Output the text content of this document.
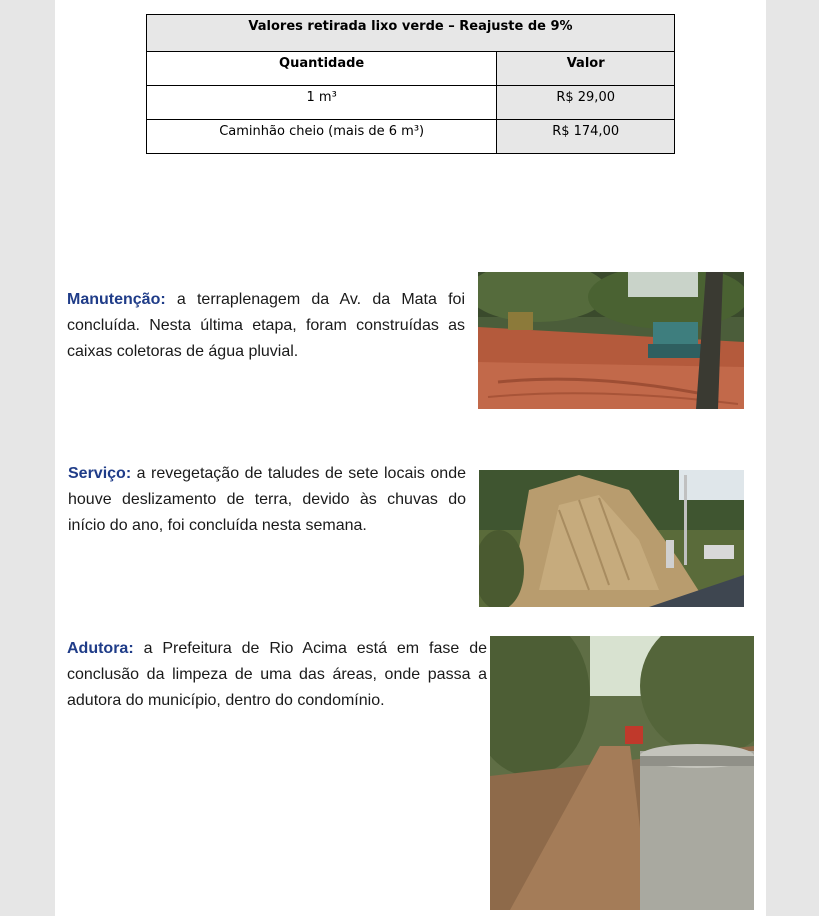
Valores retirada lixo verde – Reajuste de 9%	

Quantidade	Valor

1 m³	R$ 29,00

Caminhão cheio (mais de 6 m³)	R$ 174,00

Manutenção: a terraplenagem da Av. da Mata foi concluída. Nesta última etapa, foram construídas as caixas coletoras de água pluvial.

Serviço: a revegetação de taludes de sete locais onde houve deslizamento de terra, devido às chuvas do início do ano, foi concluída nesta semana.

Adutora: a Prefeitura de Rio Acima está em fase de conclusão da limpeza de uma das áreas, onde passa a adutora do município, dentro do condomínio.
